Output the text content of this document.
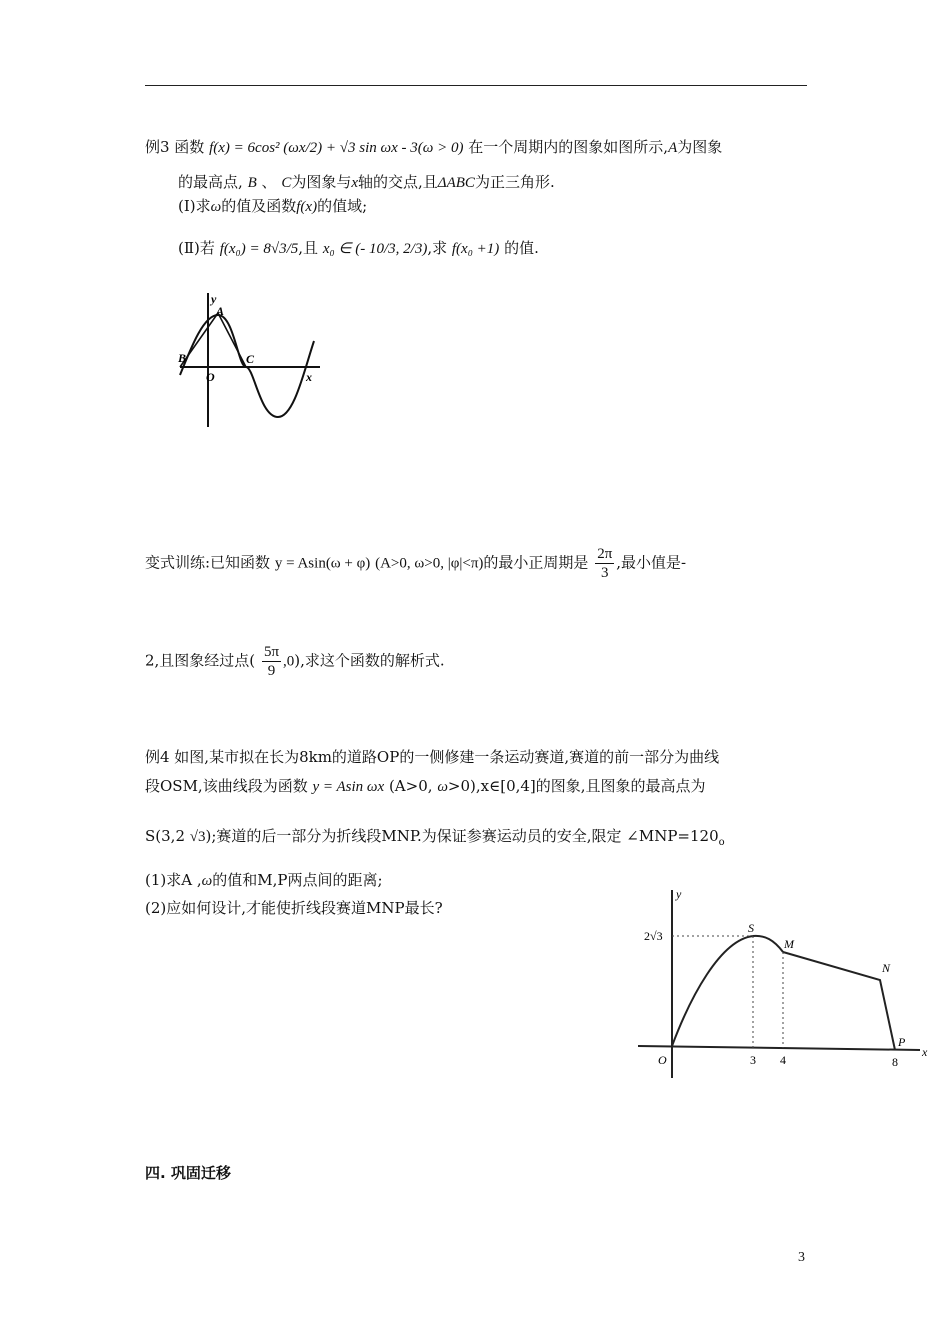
例3 函数 f(x) = 6cos² (ωx/2) + √3 sin ωx - 3(ω > 0) 在一个周期内的图象如图所示,A为图象
的最高点, B 、 C为图象与x轴的交点,且ΔABC为正三角形.
(Ⅰ)求ω的值及函数f(x)的值域;
(Ⅱ)若 f(x₀) = 8√3/5,且 x₀ ∈ (- 10/3, 2/3),求 f(x₀ +1) 的值.
y
A
B	C
O	x
变式训练:已知函数 y = Asin(ω + φ) (A>0, ω>0, |φ|<π)的最小正周期是 $\frac{2\pi}{3}$ ,最小值是-
2,且图象经过点( $\frac{5\pi}{9} ,0$),求这个函数的解析式.
例4 如图,某市拟在长为8km的道路OP的一侧修建一条运动赛道,赛道的前一部分为曲线
段OSM,该曲线段为函数 y = Asin ωx (A>0, ω>0),x∈[0,4]的图象,且图象的最高点为
S(3,2 √3);赛道的后一部分为折线段MNP.为保证参赛运动员的安全,限定 $\angle MNP=120_o$
(1)求A ,ω的值和M,P两点间的距离;
(2)应如何设计,才能使折线段赛道MNP最长?
y
2√3
S
M
N
P
O	3 4	8
x
四. 巩固迁移
3
